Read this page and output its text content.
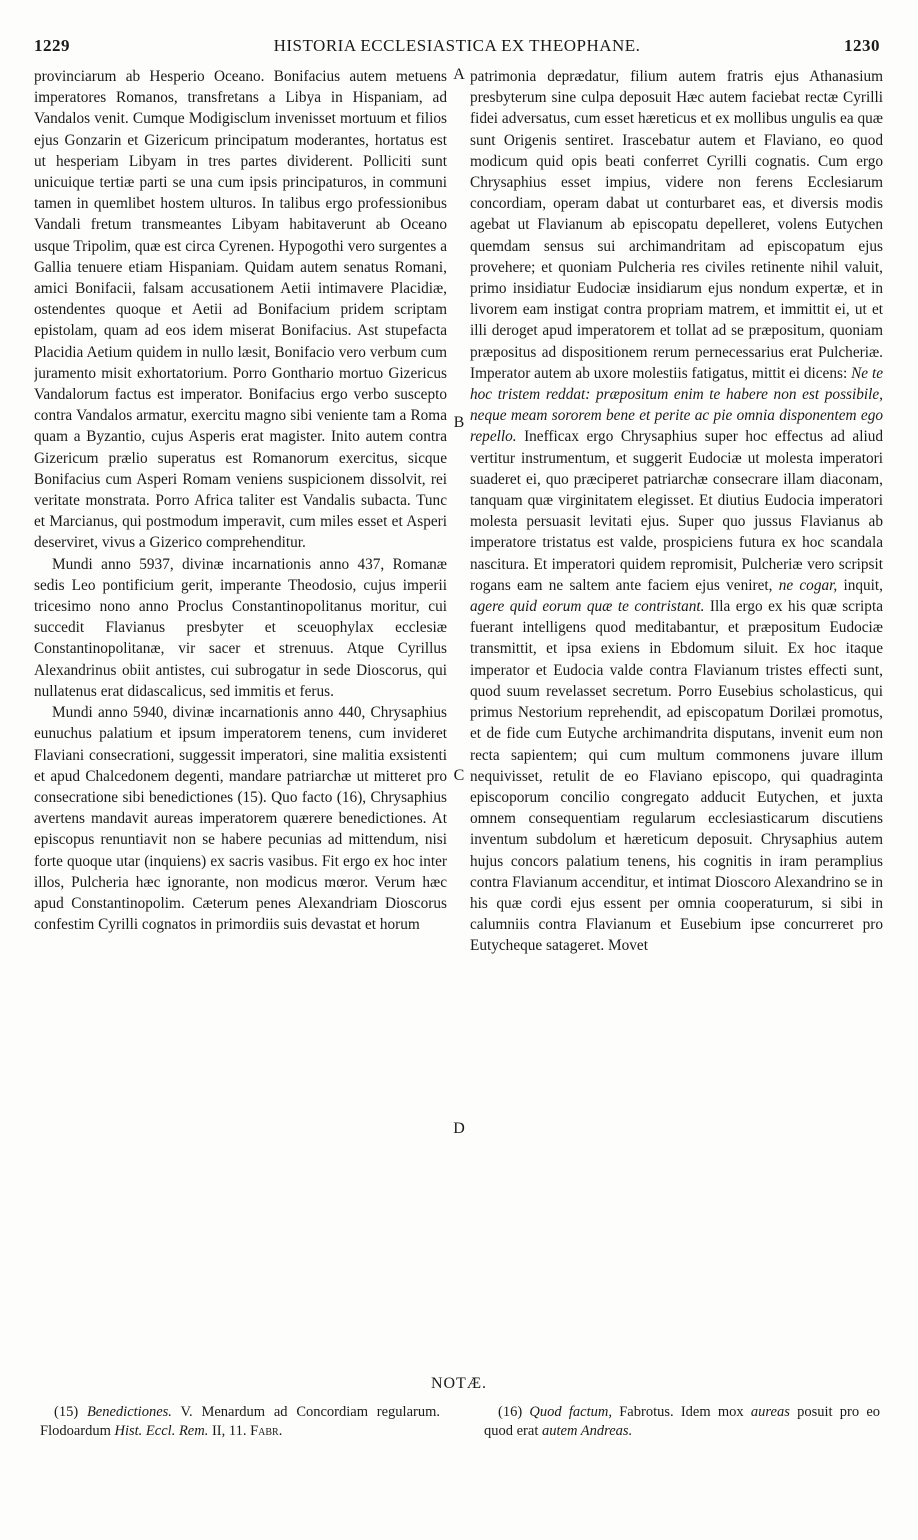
1229	HISTORIA ECCLESIASTICA EX THEOPHANE.	1230
A
B
C
D

provinciarum ab Hesperio Oceano. Bonifacius autem metuens imperatores Romanos, transfretans a Libya in Hispaniam, ad Vandalos venit. Cumque Modigisclum invenisset mortuum et filios ejus Gonzarin et Gizericum principatum moderantes, hortatus est ut hesperiam Libyam in tres partes dividerent. Polliciti sunt unicuique tertiæ parti se una cum ipsis principaturos, in communi tamen in quemlibet hostem ulturos. In talibus ergo professionibus Vandali fretum transmeantes Libyam habitaverunt ab Oceano usque Tripolim, quæ est circa Cyrenen. Hypogothi vero surgentes a Gallia tenuere etiam Hispaniam. Quidam autem senatus Romani, amici Bonifacii, falsam accusationem Aetii intimavere Placidiæ, ostendentes quoque et Aetii ad Bonifacium pridem scriptam epistolam, quam ad eos idem miserat Bonifacius. Ast stupefacta Placidia Aetium quidem in nullo læsit, Bonifacio vero verbum cum juramento misit exhortatorium. Porro Gonthario mortuo Gizericus Vandalorum factus est imperator. Bonifacius ergo verbo suscepto contra Vandalos armatur, exercitu magno sibi veniente tam a Roma quam a Byzantio, cujus Asperis erat magister. Inito autem contra Gizericum prælio superatus est Romanorum exercitus, sicque Bonifacius cum Asperi Romam veniens suspicionem dissolvit, rei veritate monstrata. Porro Africa taliter est Vandalis subacta. Tunc et Marcianus, qui postmodum imperavit, cum miles esset et Asperi deserviret, vivus a Gizerico comprehenditur.

Mundi anno 5937, divinæ incarnationis anno 437, Romanæ sedis Leo pontificium gerit, imperante Theodosio, cujus imperii tricesimo nono anno Proclus Constantinopolitanus moritur, cui succedit Flavianus presbyter et sceuophylax ecclesiæ Constantinopolitanæ, vir sacer et strenuus. Atque Cyrillus Alexandrinus obiit antistes, cui subrogatur in sede Dioscorus, qui nullatenus erat didascalicus, sed immitis et ferus.

Mundi anno 5940, divinæ incarnationis anno 440, Chrysaphius eunuchus palatium et ipsum imperatorem tenens, cum invideret Flaviani consecrationi, suggessit imperatori, sine malitia exsistenti et apud Chalcedonem degenti, mandare patriarchæ ut mitteret pro consecratione sibi benedictiones (15). Quo facto (16), Chrysaphius avertens mandavit aureas imperatorem quærere benedictiones. At episcopus renuntiavit non se habere pecunias ad mittendum, nisi forte quoque utar (inquiens) ex sacris vasibus. Fit ergo ex hoc inter illos, Pulcheria hæc ignorante, non modicus mœror. Verum hæc apud Constantinopolim. Cæterum penes Alexandriam Dioscorus confestim Cyrilli cognatos in primordiis suis devastat et horum

patrimonia deprædatur, filium autem fratris ejus Athanasium presbyterum sine culpa deposuit Hæc autem faciebat rectæ Cyrilli fidei adversatus, cum esset hæreticus et ex mollibus ungulis ea quæ sunt Origenis sentiret. Irascebatur autem et Flaviano, eo quod modicum quid opis beati conferret Cyrilli cognatis. Cum ergo Chrysaphius esset impius, videre non ferens Ecclesiarum concordiam, operam dabat ut conturbaret eas, et diversis modis agebat ut Flavianum ab episcopatu depelleret, volens Eutychen quemdam sensus sui archimandritam ad episcopatum ejus provehere; et quoniam Pulcheria res civiles retinente nihil valuit, primo insidiatur Eudociæ insidiarum ejus nondum expertæ, et in livorem eam instigat contra propriam matrem, et immittit ei, ut et illi deroget apud imperatorem et tollat ad se præpositum, quoniam præpositus ad dispositionem rerum pernecessarius erat Pulcheriæ. Imperator autem ab uxore molestiis fatigatus, mittit ei dicens: Ne te hoc tristem reddat: præpositum enim te habere non est possibile, neque meam sororem bene et perite ac pie omnia disponentem ego repello. Inefficax ergo Chrysaphius super hoc effectus ad aliud vertitur instrumentum, et suggerit Eudociæ ut molesta imperatori suaderet ei, quo præciperet patriarchæ consecrare illam diaconam, tanquam quæ virginitatem elegisset. Et diutius Eudocia imperatori molesta persuasit levitati ejus. Super quo jussus Flavianus ab imperatore tristatus est valde, prospiciens futura ex hoc scandala nascitura. Et imperatori quidem repromisit, Pulcheriæ vero scripsit rogans eam ne saltem ante faciem ejus veniret, ne cogar, inquit, agere quid eorum quæ te contristant. Illa ergo ex his quæ scripta fuerant intelligens quod meditabantur, et præpositum Eudociæ transmittit, et ipsa exiens in Ebdomum siluit. Ex hoc itaque imperator et Eudocia valde contra Flavianum tristes effecti sunt, quod suum revelasset secretum. Porro Eusebius scholasticus, qui primus Nestorium reprehendit, ad episcopatum Dorilæi promotus, et de fide cum Eutyche archimandrita disputans, invenit eum non recta sapientem; qui cum multum commonens juvare illum nequivisset, retulit de eo Flaviano episcopo, qui quadraginta episcoporum concilio congregato adducit Eutychen, et juxta omnem consequentiam regularum ecclesiasticarum discutiens inventum subdolum et hæreticum deposuit. Chrysaphius autem hujus concors palatium tenens, his cognitis in iram peramplius contra Flavianum accenditur, et intimat Dioscoro Alexandrino se in his quæ cordi ejus essent per omnia cooperaturum, si sibi in calumniis contra Flavianum et Eusebium ipse concurreret pro Eutycheque satageret. Movet

NOTÆ.
(15) Benedictiones. V. Menardum ad Concordiam regularum. Flodoardum Hist. Eccl. Rem. II, 11. Fabr.
(16) Quod factum, Fabrotus. Idem mox aureas posuit pro eo quod erat autem Andreas.
